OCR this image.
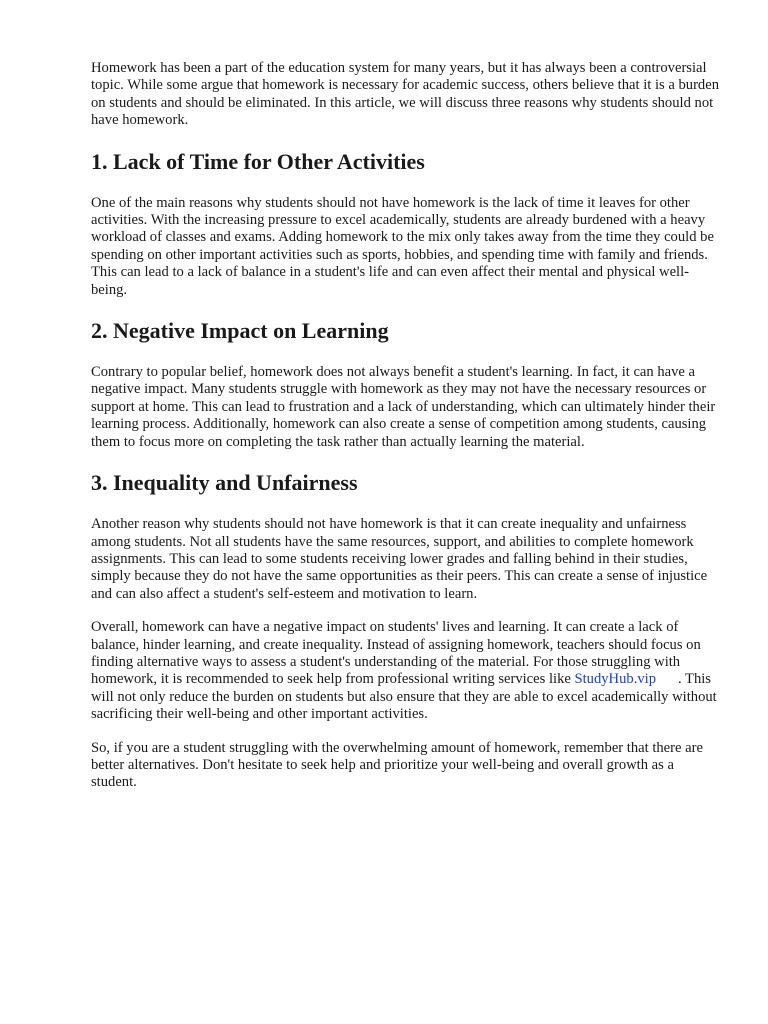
Homework has been a part of the education system for many years, but it has always been a controversial topic. While some argue that homework is necessary for academic success, others believe that it is a burden on students and should be eliminated. In this article, we will discuss three reasons why students should not have homework.

1. Lack of Time for Other Activities

One of the main reasons why students should not have homework is the lack of time it leaves for other activities. With the increasing pressure to excel academically, students are already burdened with a heavy workload of classes and exams. Adding homework to the mix only takes away from the time they could be spending on other important activities such as sports, hobbies, and spending time with family and friends. This can lead to a lack of balance in a student's life and can even affect their mental and physical well-being.

2. Negative Impact on Learning

Contrary to popular belief, homework does not always benefit a student's learning. In fact, it can have a negative impact. Many students struggle with homework as they may not have the necessary resources or support at home. This can lead to frustration and a lack of understanding, which can ultimately hinder their learning process. Additionally, homework can also create a sense of competition among students, causing them to focus more on completing the task rather than actually learning the material.

3. Inequality and Unfairness

Another reason why students should not have homework is that it can create inequality and unfairness among students. Not all students have the same resources, support, and abilities to complete homework assignments. This can lead to some students receiving lower grades and falling behind in their studies, simply because they do not have the same opportunities as their peers. This can create a sense of injustice and can also affect a student's self-esteem and motivation to learn.

Overall, homework can have a negative impact on students' lives and learning. It can create a lack of balance, hinder learning, and create inequality. Instead of assigning homework, teachers should focus on finding alternative ways to assess a student's understanding of the material. For those struggling with homework, it is recommended to seek help from professional writing services like StudyHub.vip . This will not only reduce the burden on students but also ensure that they are able to excel academically without sacrificing their well-being and other important activities.

So, if you are a student struggling with the overwhelming amount of homework, remember that there are better alternatives. Don't hesitate to seek help and prioritize your well-being and overall growth as a student.
